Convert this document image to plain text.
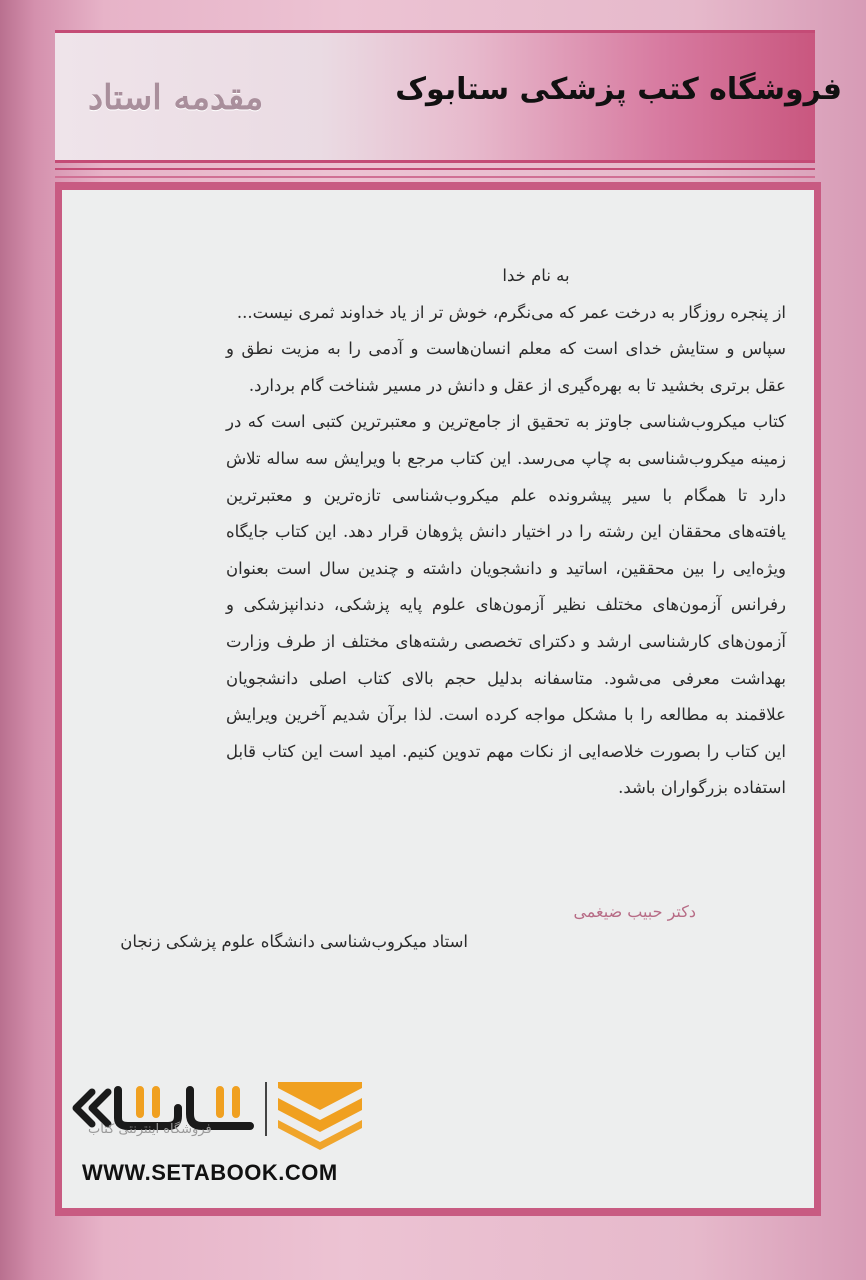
مقدمه استاد	فروشگاه کتب پزشکی ستابوک
به نام خدا
از پنجره روزگار به درخت عمر که می‌نگرم، خوش تر از یاد خداوند ثمری نیست...
سپاس و ستایش خدای است که معلم انسان‌هاست و آدمی را به مزیت نطق و عقل برتری بخشید تا به بهره‌گیری از عقل و دانش در مسیر شناخت گام بردارد.
کتاب میکروب‌شناسی جاوتز به تحقیق از جامع‌ترین و معتبرترین کتبی است که در زمینه میکروب‌شناسی به چاپ می‌رسد. این کتاب مرجع با ویرایش سه ساله تلاش دارد تا همگام با سیر پیشرونده علم میکروب‌شناسی تازه‌ترین و معتبرترین یافته‌های محققان این رشته را در اختیار دانش پژوهان قرار دهد. این کتاب جایگاه ویژه‌ایی را بین محققین، اساتید و دانشجویان داشته و چندین سال است بعنوان رفرانس آزمون‌های مختلف نظیر آزمون‌های علوم پایه پزشکی، دندانپزشکی و آزمون‌های کارشناسی ارشد و دکترای تخصصی رشته‌های مختلف از طرف وزارت بهداشت معرفی می‌شود. متاسفانه بدلیل حجم بالای کتاب اصلی دانشجویان علاقمند به مطالعه را با مشکل مواجه کرده است. لذا برآن شدیم آخرین ویرایش این کتاب را بصورت خلاصه‌ایی از نکات مهم تدوین کنیم. امید است این کتاب قابل استفاده بزرگواران باشد.
دکتر حبیب ضیغمی
استاد میکروب‌شناسی دانشگاه علوم پزشکی زنجان
فروشگاه اینترنتی کتاب
WWW.SETABOOK.COM
